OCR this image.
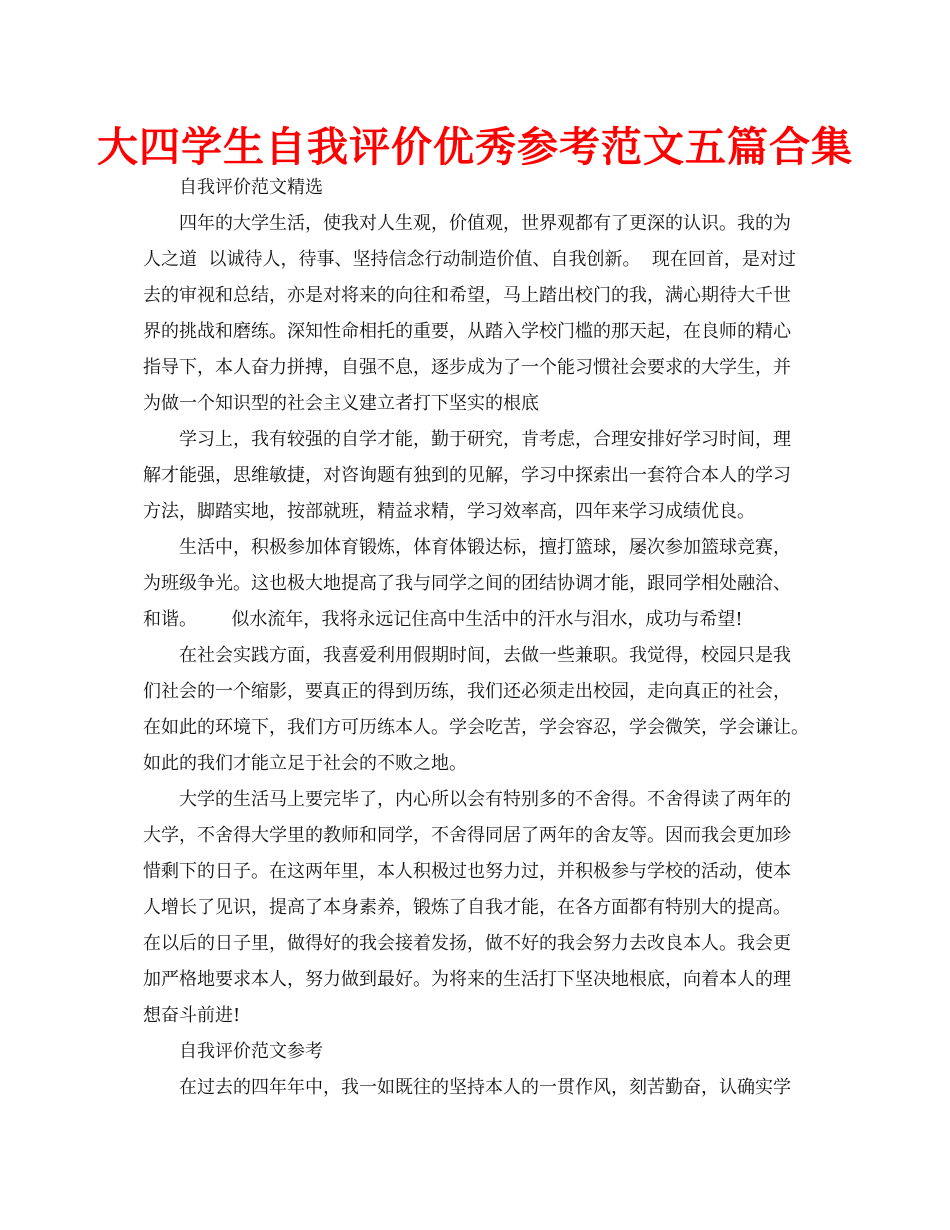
大四学生自我评价优秀参考范文五篇合集
自我评价范文精选
四年的大学生活，使我对人生观，价值观，世界观都有了更深的认识。我的为
人之道  以诚待人，待事、坚持信念行动制造价值、自我创新。  现在回首，是对过
去的审视和总结，亦是对将来的向往和希望，马上踏出校门的我，满心期待大千世
界的挑战和磨练。深知性命相托的重要，从踏入学校门槛的那天起，在良师的精心
指导下，本人奋力拼搏，自强不息，逐步成为了一个能习惯社会要求的大学生，并
为做一个知识型的社会主义建立者打下坚实的根底
学习上，我有较强的自学才能，勤于研究，肯考虑，合理安排好学习时间，理
解才能强，思维敏捷，对咨询题有独到的见解，学习中探索出一套符合本人的学习
方法，脚踏实地，按部就班，精益求精，学习效率高，四年来学习成绩优良。
生活中，积极参加体育锻炼，体育体锻达标，擅打篮球，屡次参加篮球竞赛，
为班级争光。这也极大地提高了我与同学之间的团结协调才能，跟同学相处融洽、
和谐。      似水流年，我将永远记住高中生活中的汗水与泪水，成功与希望!
在社会实践方面，我喜爱利用假期时间，去做一些兼职。我觉得，校园只是我
们社会的一个缩影，要真正的得到历练，我们还必须走出校园，走向真正的社会，
在如此的环境下，我们方可历练本人。学会吃苦，学会容忍，学会微笑，学会谦让。
如此的我们才能立足于社会的不败之地。
大学的生活马上要完毕了，内心所以会有特别多的不舍得。不舍得读了两年的
大学，不舍得大学里的教师和同学，不舍得同居了两年的舍友等。因而我会更加珍
惜剩下的日子。在这两年里，本人积极过也努力过，并积极参与学校的活动，使本
人增长了见识，提高了本身素养，锻炼了自我才能，在各方面都有特别大的提高。
在以后的日子里，做得好的我会接着发扬，做不好的我会努力去改良本人。我会更
加严格地要求本人，努力做到最好。为将来的生活打下坚决地根底，向着本人的理
想奋斗前进!
自我评价范文参考
在过去的四年年中，我一如既往的坚持本人的一贯作风，刻苦勤奋，认确实学
